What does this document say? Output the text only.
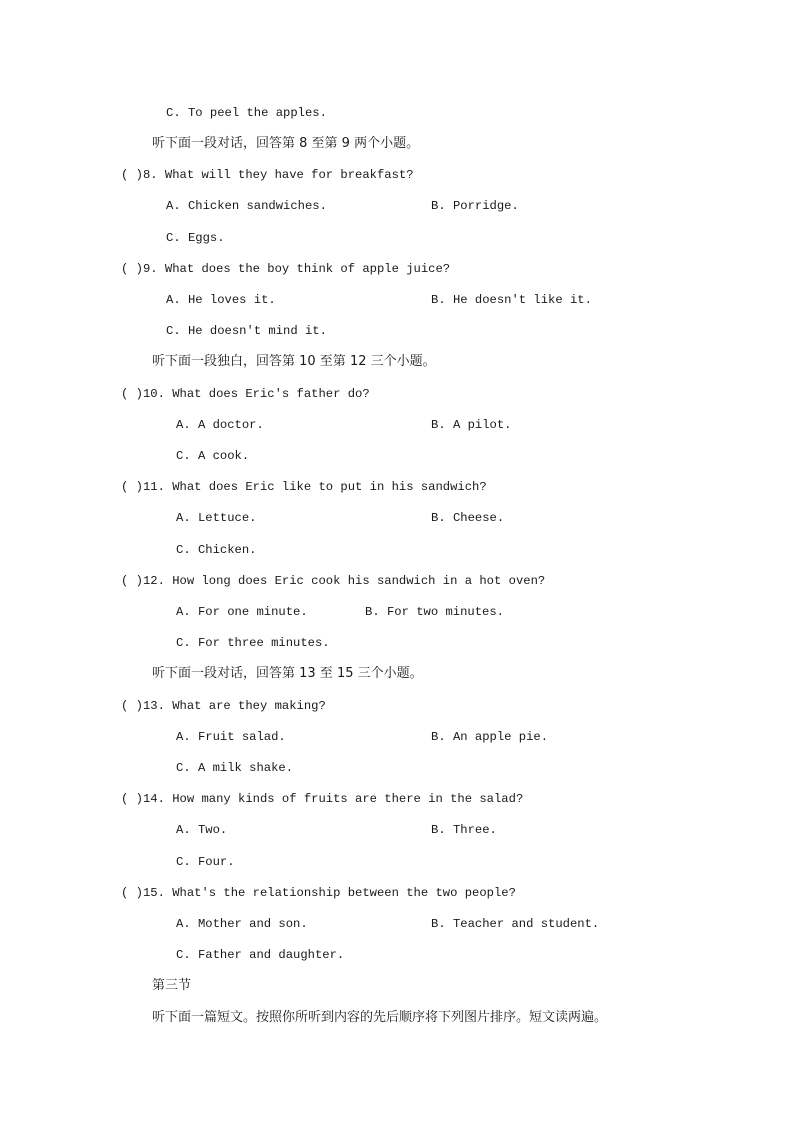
C. To peel the apples.
听下面一段对话，回答第 8 至第 9 两个小题。
( )8. What will they have for breakfast?
A. Chicken sandwiches.	B. Porridge.
C. Eggs.
( )9. What does the boy think of apple juice?
A. He loves it.	B. He doesn't like it.
C. He doesn't mind it.
听下面一段独白，回答第 10 至第 12 三个小题。
( )10. What does Eric's father do?
A. A doctor.	B. A pilot.
C. A cook.
( )11. What does Eric like to put in his sandwich?
A. Lettuce.	B. Cheese.
C. Chicken.
( )12. How long does Eric cook his sandwich in a hot oven?
A. For one minute.	B. For two minutes.
C. For three minutes.
听下面一段对话，回答第 13 至 15 三个小题。
( )13. What are they making?
A. Fruit salad.	B. An apple pie.
C. A milk shake.
( )14. How many kinds of fruits are there in the salad?
A. Two.	B. Three.
C. Four.
( )15. What's the relationship between the two people?
A. Mother and son.	B. Teacher and student.
C. Father and daughter.
第三节
听下面一篇短文。按照你所听到内容的先后顺序将下列图片排序。短文读两遍。
